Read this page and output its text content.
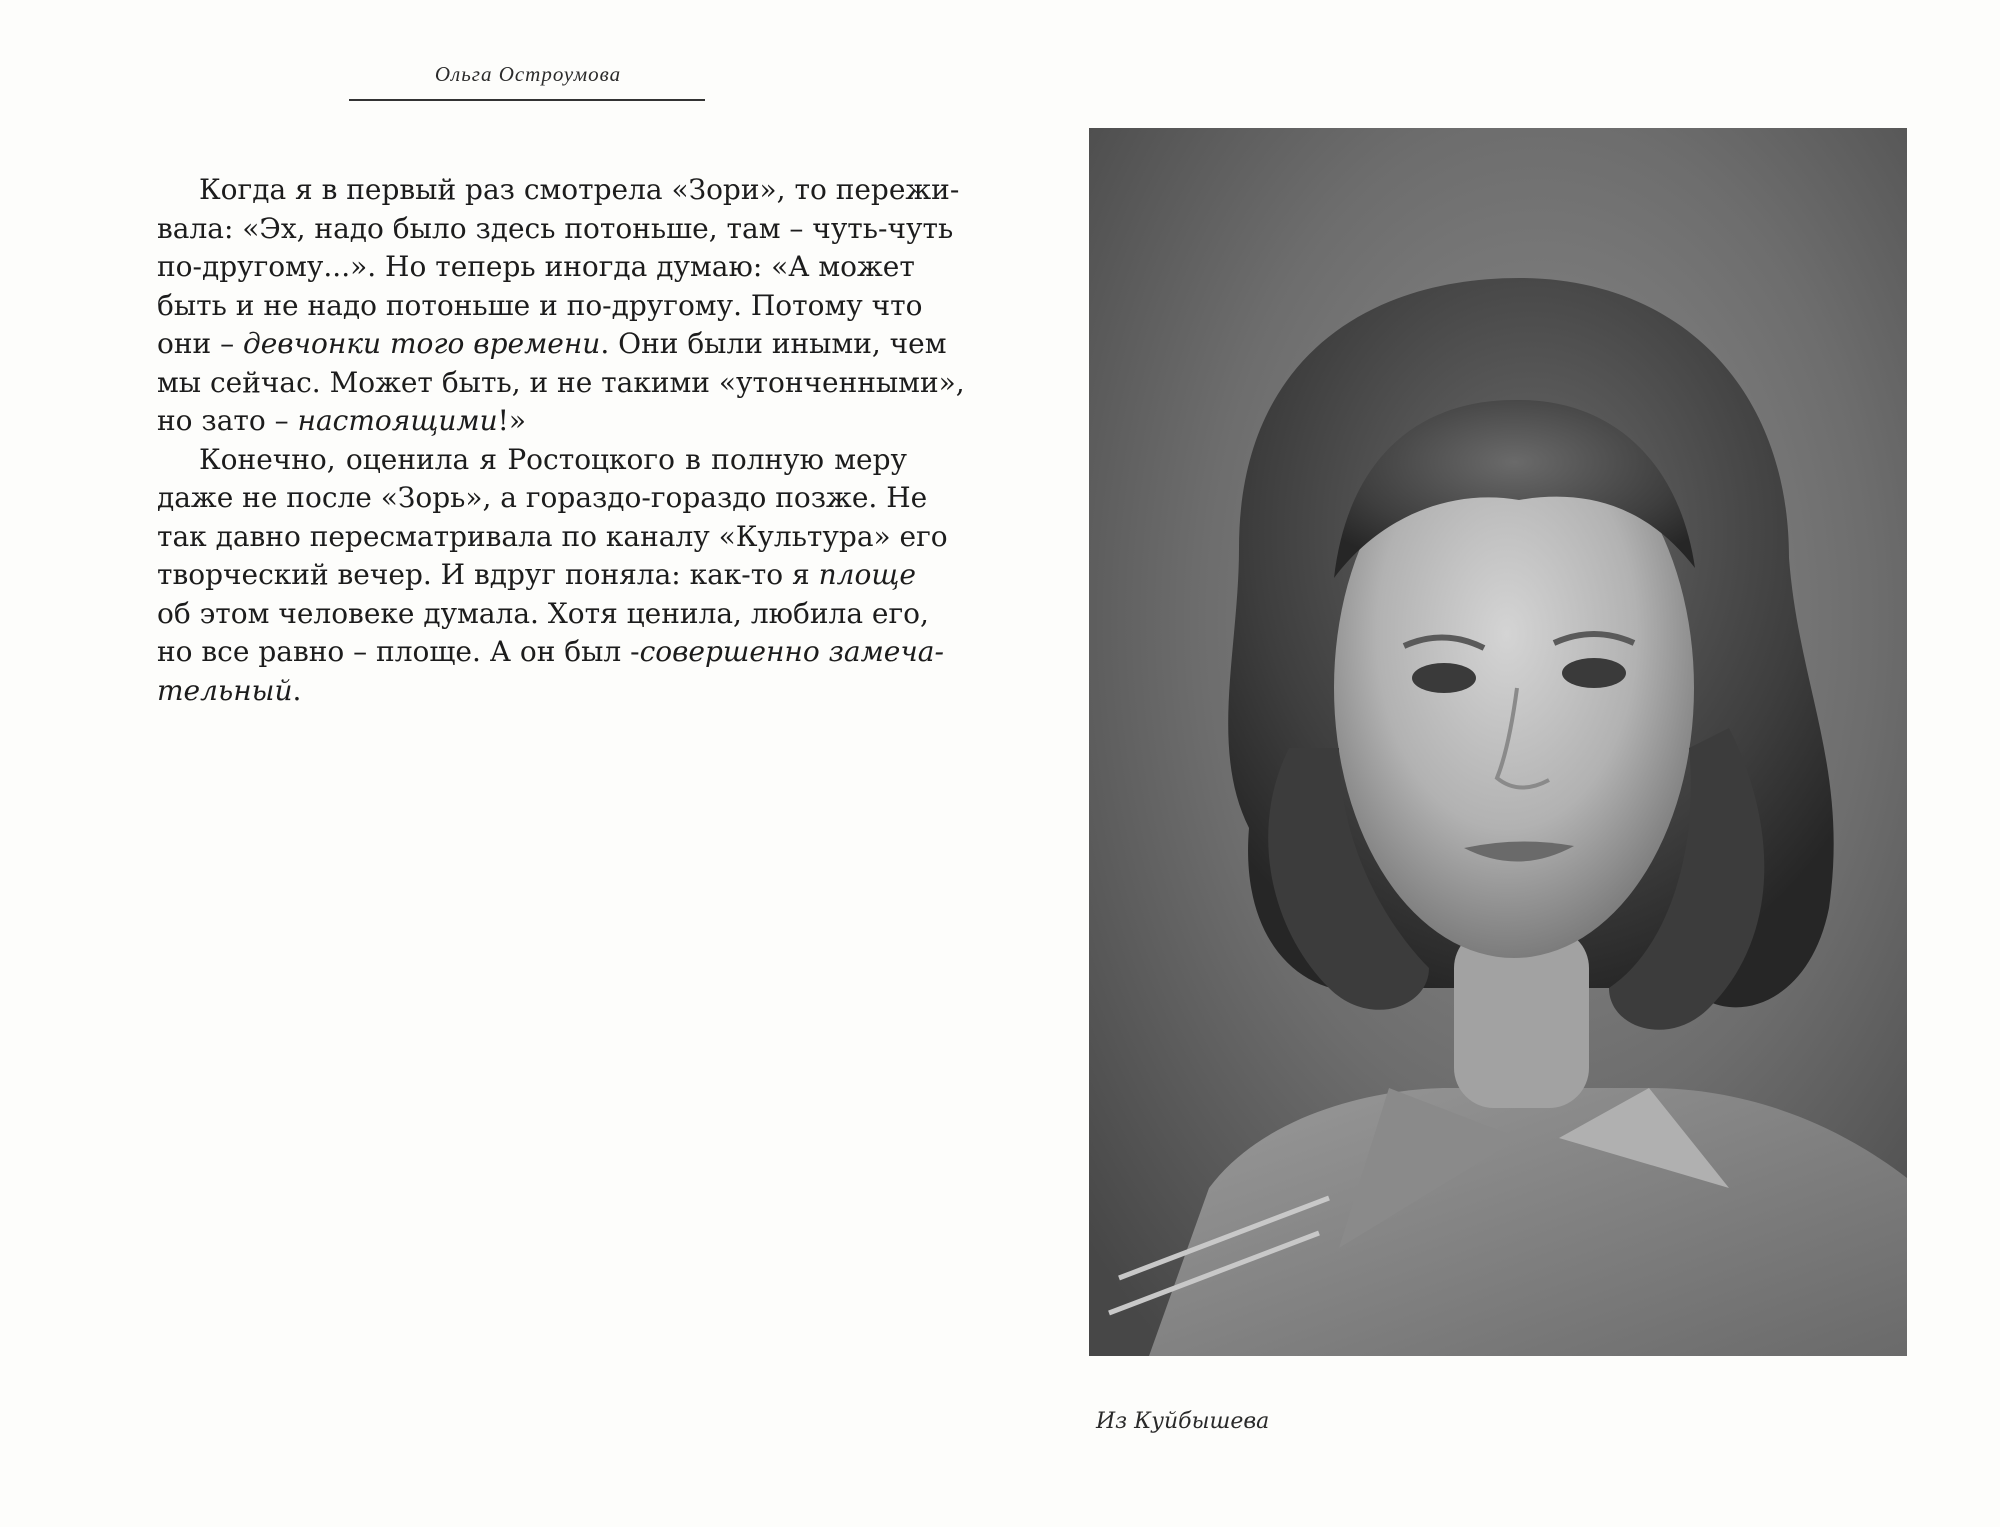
Ольга Остроумова
Когда я в первый раз смотрела «Зори», то пережи-
вала: «Эх, надо было здесь потоньше, там – чуть-чуть
по-другому...». Но теперь иногда думаю: «А может
быть и не надо потоньше и по-другому. Потому что
они – девчонки того времени. Они были иными, чем
мы сейчас. Может быть, и не такими «утонченными»,
но зато – настоящими!»
Конечно, оценила я Ростоцкого в полную меру
даже не после «Зорь», а гораздо-гораздо позже. Не
так давно пересматривала по каналу «Культура» его
творческий вечер. И вдруг поняла: как-то я площе
об этом человеке думала. Хотя ценила, любила его,
но все равно – площе. А он был -совершенно замеча-
тельный.
Из Куйбышева
